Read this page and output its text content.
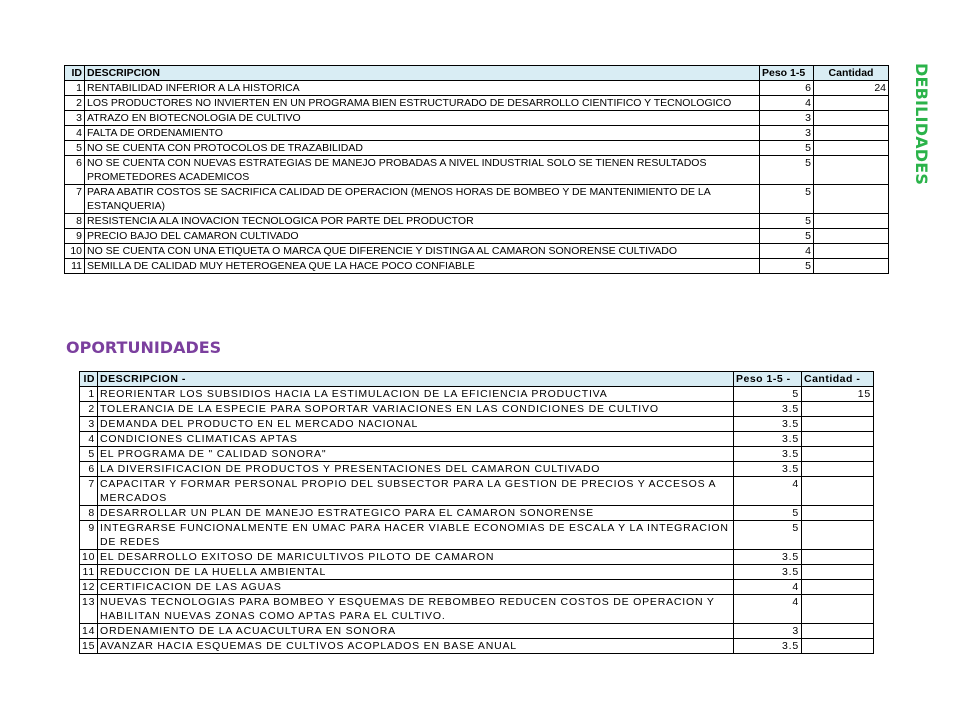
DEBILIDADES
ID	DESCRIPCION	Peso 1-5	Cantidad
1	RENTABILIDAD INFERIOR A LA HISTORICA	6	24
2	LOS PRODUCTORES NO INVIERTEN EN UN PROGRAMA BIEN ESTRUCTURADO DE DESARROLLO CIENTIFICO Y TECNOLOGICO	4	
3	ATRAZO EN BIOTECNOLOGIA DE CULTIVO	3	
4	FALTA DE ORDENAMIENTO	3	
5	NO SE CUENTA CON PROTOCOLOS DE TRAZABILIDAD	5	
6	NO SE CUENTA CON NUEVAS ESTRATEGIAS DE MANEJO PROBADAS A NIVEL INDUSTRIAL SOLO SE TIENEN RESULTADOS PROMETEDORES ACADEMICOS	5	
7	PARA ABATIR COSTOS SE SACRIFICA CALIDAD DE OPERACION (MENOS HORAS DE BOMBEO Y DE MANTENIMIENTO DE LA ESTANQUERIA)	5	
8	RESISTENCIA ALA INOVACION TECNOLOGICA POR PARTE DEL PRODUCTOR	5	
9	PRECIO BAJO DEL CAMARON CULTIVADO	5	
10	NO SE CUENTA CON UNA ETIQUETA O MARCA QUE DIFERENCIE Y DISTINGA AL CAMARON SONORENSE CULTIVADO	4	
11	SEMILLA DE CALIDAD MUY HETEROGENEA QUE LA HACE POCO CONFIABLE	5	
OPORTUNIDADES
ID	DESCRIPCION -	Peso 1-5 -	Cantidad -
1	REORIENTAR LOS SUBSIDIOS HACIA LA ESTIMULACION DE LA EFICIENCIA PRODUCTIVA	5	15
2	TOLERANCIA DE LA ESPECIE PARA SOPORTAR VARIACIONES EN LAS CONDICIONES DE CULTIVO	3.5	
3	DEMANDA DEL PRODUCTO EN EL MERCADO NACIONAL	3.5	
4	CONDICIONES CLIMATICAS APTAS	3.5	
5	EL PROGRAMA DE " CALIDAD SONORA"	3.5	
6	LA DIVERSIFICACION DE PRODUCTOS Y PRESENTACIONES DEL CAMARON CULTIVADO	3.5	
7	CAPACITAR Y FORMAR PERSONAL PROPIO DEL SUBSECTOR PARA LA GESTION DE PRECIOS Y ACCESOS A MERCADOS	4	
8	DESARROLLAR UN PLAN DE MANEJO ESTRATEGICO PARA EL CAMARON SONORENSE	5	
9	INTEGRARSE FUNCIONALMENTE EN UMAC PARA HACER VIABLE ECONOMIAS DE ESCALA Y LA INTEGRACION DE REDES	5	
10	EL DESARROLLO EXITOSO DE MARICULTIVOS PILOTO DE CAMARON	3.5	
11	REDUCCION DE LA HUELLA AMBIENTAL	3.5	
12	CERTIFICACION DE LAS AGUAS	4	
13	NUEVAS TECNOLOGIAS PARA BOMBEO Y ESQUEMAS DE REBOMBEO REDUCEN COSTOS DE OPERACION Y HABILITAN NUEVAS ZONAS COMO APTAS PARA EL CULTIVO.	4	
14	ORDENAMIENTO DE LA ACUACULTURA EN SONORA	3	
15	AVANZAR HACIA ESQUEMAS DE CULTIVOS ACOPLADOS EN BASE ANUAL	3.5	
